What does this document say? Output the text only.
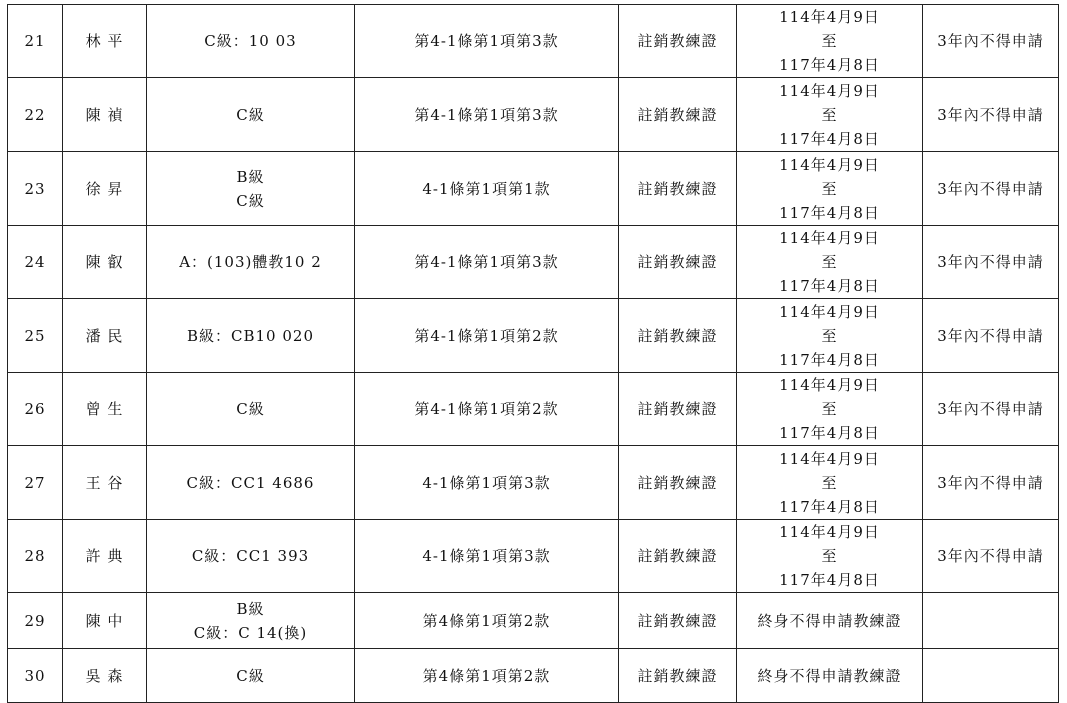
21	林 平	C級：10 03	第4-1條第1項第3款	註銷教練證	114年4月9日
至
117年4月8日	3年內不得申請
22	陳 禎	C級	第4-1條第1項第3款	註銷教練證	114年4月9日
至
117年4月8日	3年內不得申請
23	徐 昇	B級
C級	4-1條第1項第1款	註銷教練證	114年4月9日
至
117年4月8日	3年內不得申請
24	陳 叡	A：(103)體教10 2	第4-1條第1項第3款	註銷教練證	114年4月9日
至
117年4月8日	3年內不得申請
25	潘 民	B級：CB10 020	第4-1條第1項第2款	註銷教練證	114年4月9日
至
117年4月8日	3年內不得申請
26	曾 生	C級	第4-1條第1項第2款	註銷教練證	114年4月9日
至
117年4月8日	3年內不得申請
27	王 谷	C級：CC1 4686	4-1條第1項第3款	註銷教練證	114年4月9日
至
117年4月8日	3年內不得申請
28	許 典	C級：CC1 393	4-1條第1項第3款	註銷教練證	114年4月9日
至
117年4月8日	3年內不得申請
29	陳 中	B級
C級：C 14(換)	第4條第1項第2款	註銷教練證	終身不得申請教練證	
30	吳 森	C級	第4條第1項第2款	註銷教練證	終身不得申請教練證	
